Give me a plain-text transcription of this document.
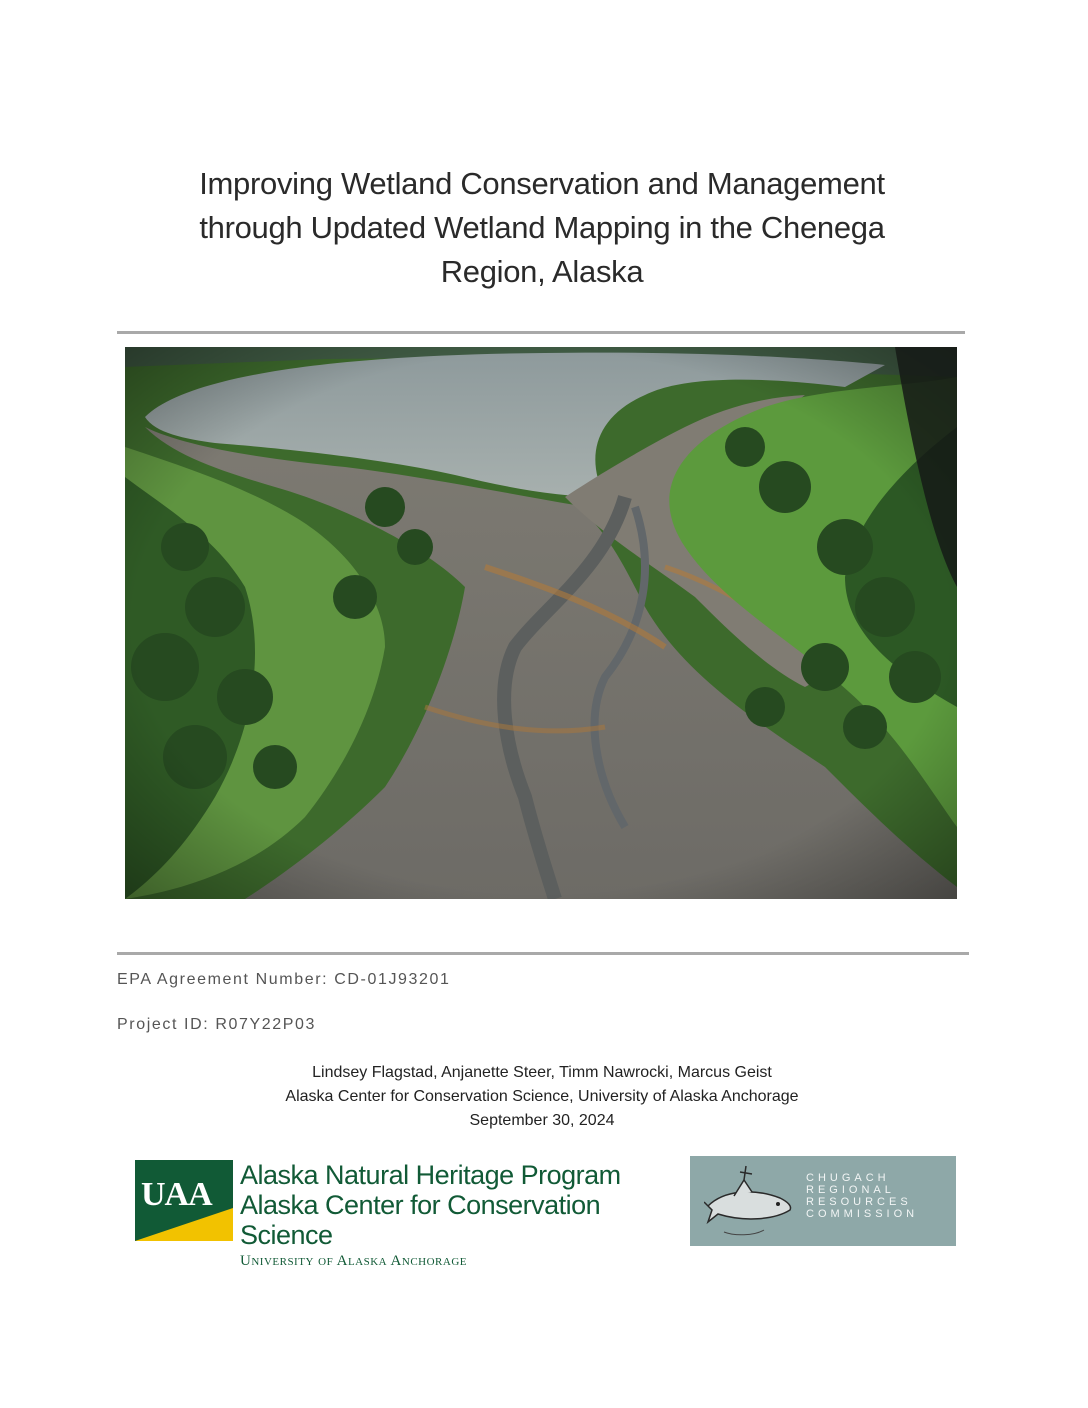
Improving Wetland Conservation and Management
through Updated Wetland Mapping in the Chenega
Region, Alaska
EPA Agreement Number: CD-01J93201
Project ID: R07Y22P03
Lindsey Flagstad, Anjanette Steer, Timm Nawrocki, Marcus Geist
Alaska Center for Conservation Science, University of Alaska Anchorage
September 30, 2024
UAA
Alaska Natural Heritage Program
Alaska Center for Conservation Science
University of Alaska Anchorage
CHUGACH
REGIONAL
RESOURCES
COMMISSION
